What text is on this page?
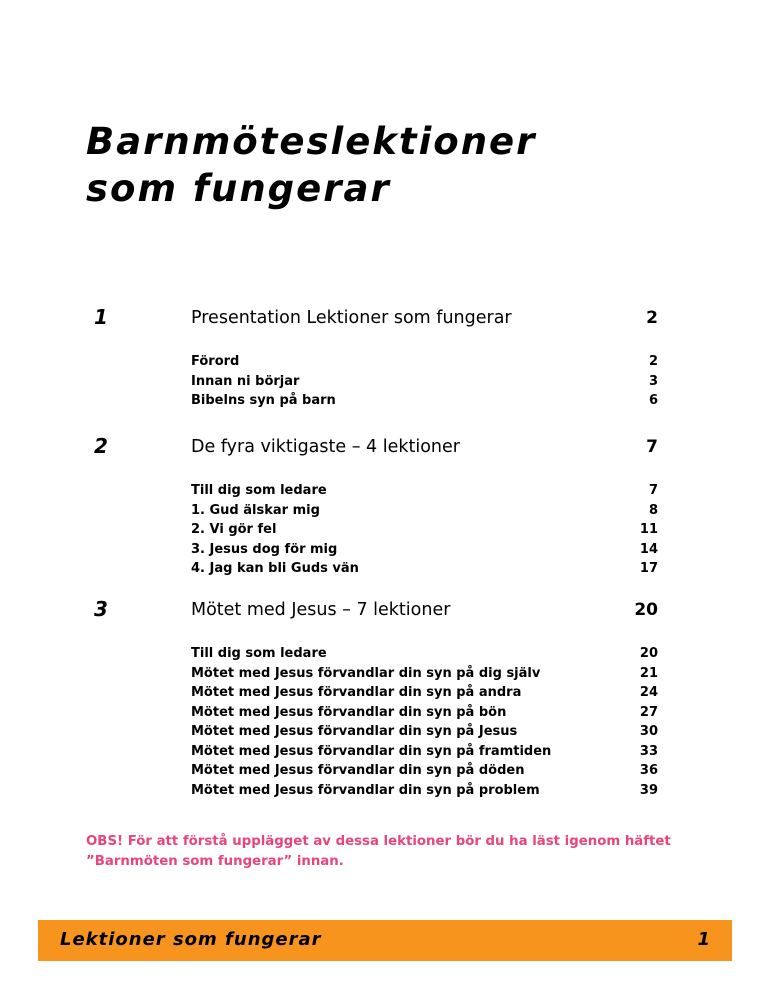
Barnmöteslektioner
som fungerar
1	Presentation Lektioner som fungerar	2
Förord	2
Innan ni börjar	3
Bibelns syn på barn	6
2	De fyra viktigaste – 4 lektioner	7
Till dig som ledare	7
1. Gud älskar mig	8
2. Vi gör fel	11
3. Jesus dog för mig	14
4. Jag kan bli Guds vän	17
3	Mötet med Jesus – 7 lektioner	20
Till dig som ledare	20
Mötet med Jesus förvandlar din syn på dig själv	21
Mötet med Jesus förvandlar din syn på andra	24
Mötet med Jesus förvandlar din syn på bön	27
Mötet med Jesus förvandlar din syn på Jesus	30
Mötet med Jesus förvandlar din syn på framtiden	33
Mötet med Jesus förvandlar din syn på döden	36
Mötet med Jesus förvandlar din syn på problem	39
OBS! För att förstå upplägget av dessa lektioner bör du ha läst igenom häftet
”Barnmöten som fungerar” innan.
Lektioner som fungerar	1
